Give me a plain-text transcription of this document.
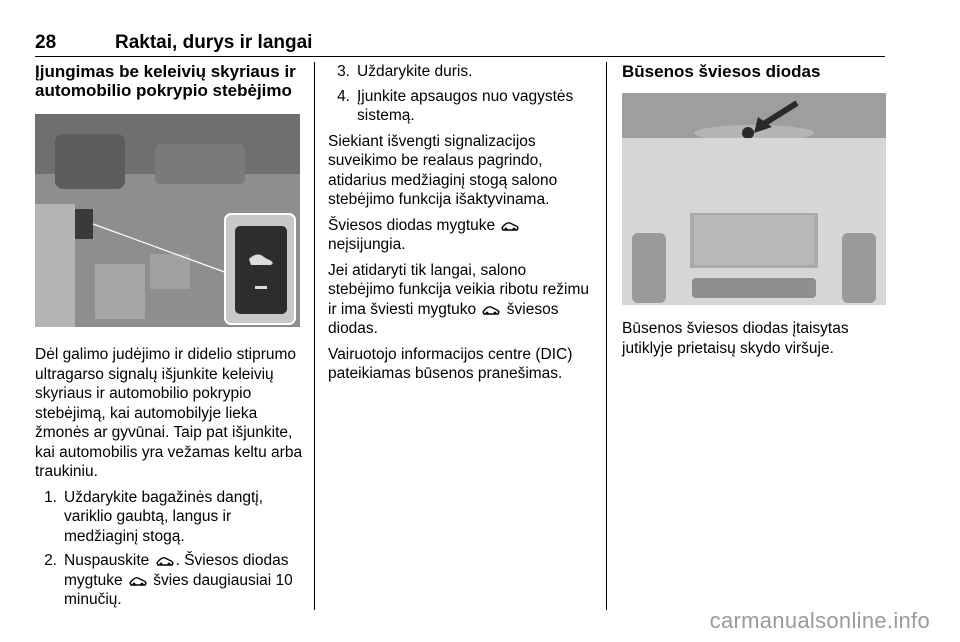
28	Raktai, durys ir langai
Įjungimas be keleivių skyriaus ir automobilio pokrypio stebėjimo

Dėl galimo judėjimo ir didelio stiprumo ultragarso signalų išjunkite keleivių skyriaus ir automobilio pokrypio stebėjimą, kai automobilyje lieka žmonės ar gyvūnai. Taip pat išjunkite, kai automobilis yra vežamas keltu arba traukiniu.

1. Uždarykite bagažinės dangtį, variklio gaubtą, langus ir medžiaginį stogą.
2. Nuspauskite . Šviesos diodas mygtuke  švies daugiausiai 10 minučių.
3. Uždarykite duris.
4. Įjunkite apsaugos nuo vagystės sistemą.

Siekiant išvengti signalizacijos suveikimo be realaus pagrindo, atidarius medžiaginį stogą salono stebėjimo funkcija išaktyvinama.

Šviesos diodas mygtuke  neįsijungia.

Jei atidaryti tik langai, salono stebėjimo funkcija veikia ribotu režimu ir ima šviesti mygtuko  šviesos diodas.

Vairuotojo informacijos centre (DIC) pateikiamas būsenos pranešimas.

Būsenos šviesos diodas

Būsenos šviesos diodas įtaisytas jutiklyje prietaisų skydo viršuje.

carmanualsonline.info
